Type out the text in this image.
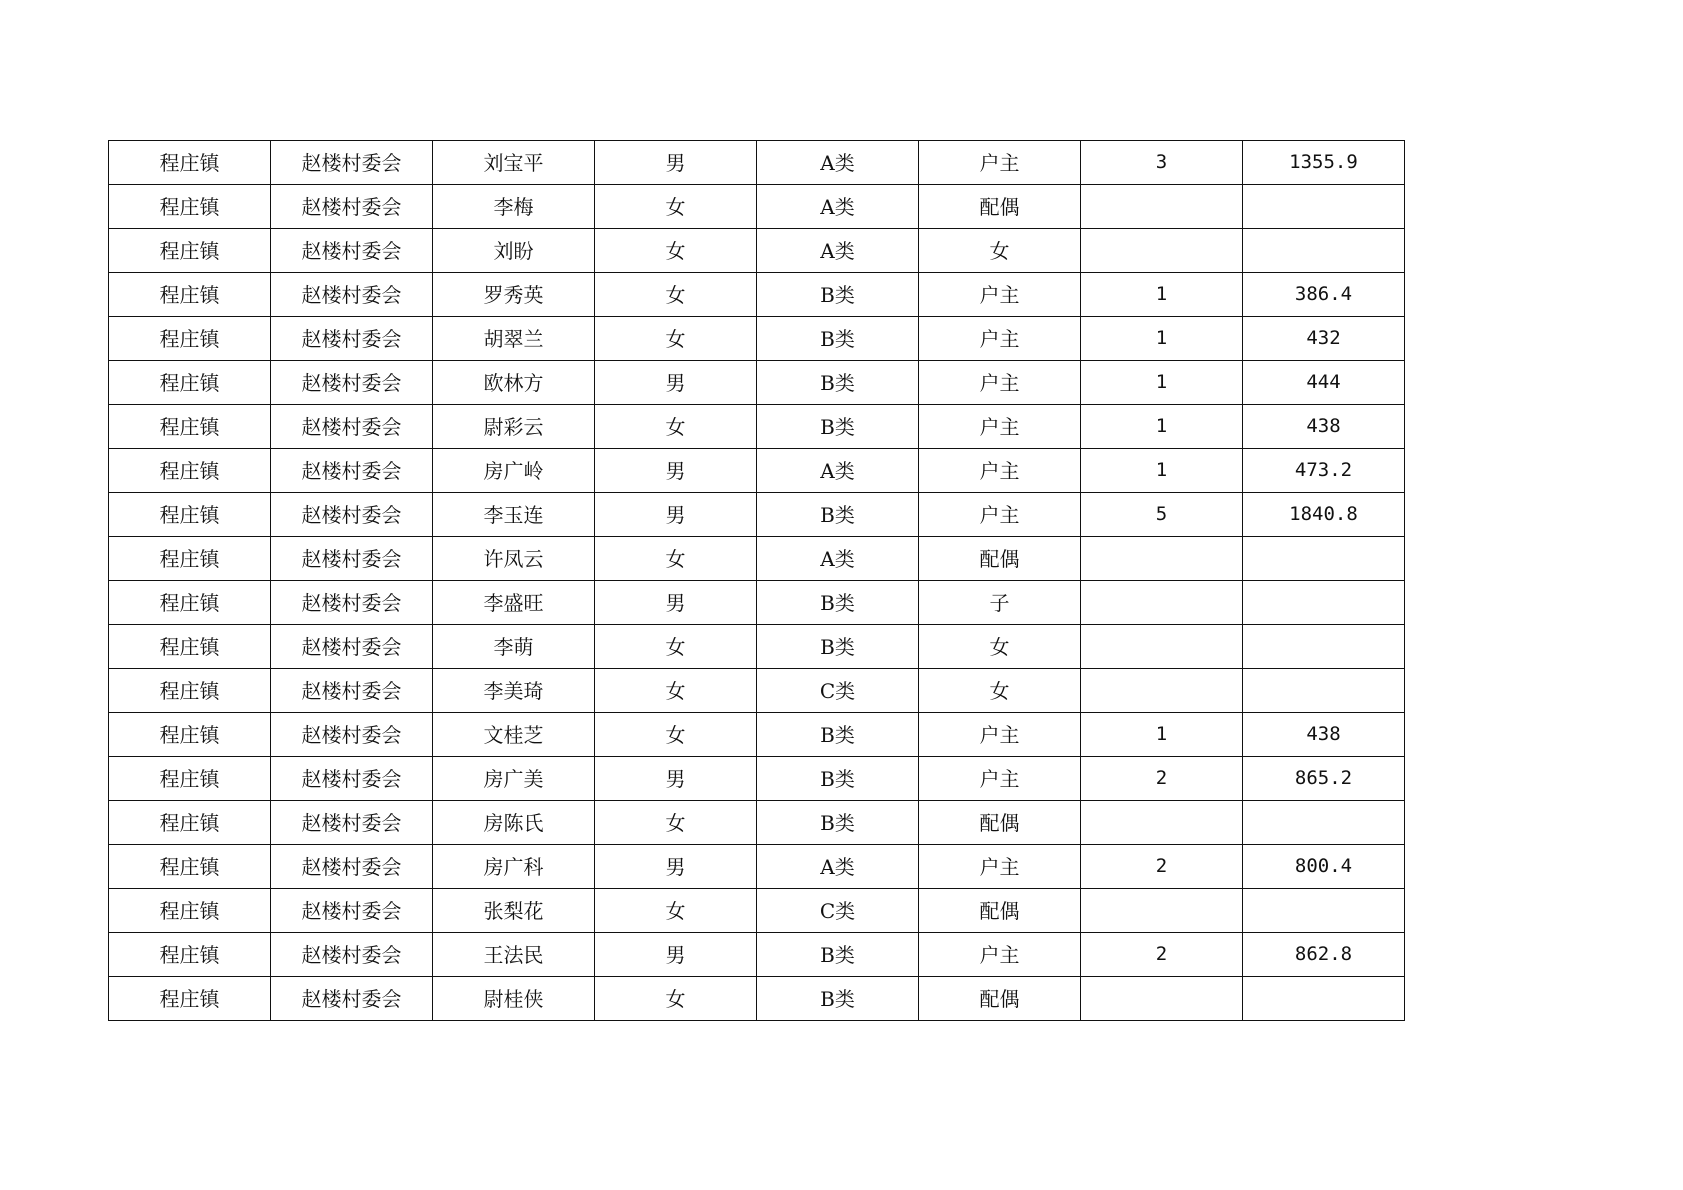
程庄镇	赵楼村委会	刘宝平	男	A类	户主	3	1355.9
程庄镇	赵楼村委会	李梅	女	A类	配偶		
程庄镇	赵楼村委会	刘盼	女	A类	女		
程庄镇	赵楼村委会	罗秀英	女	B类	户主	1	386.4
程庄镇	赵楼村委会	胡翠兰	女	B类	户主	1	432
程庄镇	赵楼村委会	欧林方	男	B类	户主	1	444
程庄镇	赵楼村委会	尉彩云	女	B类	户主	1	438
程庄镇	赵楼村委会	房广岭	男	A类	户主	1	473.2
程庄镇	赵楼村委会	李玉连	男	B类	户主	5	1840.8
程庄镇	赵楼村委会	许凤云	女	A类	配偶		
程庄镇	赵楼村委会	李盛旺	男	B类	子		
程庄镇	赵楼村委会	李萌	女	B类	女		
程庄镇	赵楼村委会	李美琦	女	C类	女		
程庄镇	赵楼村委会	文桂芝	女	B类	户主	1	438
程庄镇	赵楼村委会	房广美	男	B类	户主	2	865.2
程庄镇	赵楼村委会	房陈氏	女	B类	配偶		
程庄镇	赵楼村委会	房广科	男	A类	户主	2	800.4
程庄镇	赵楼村委会	张梨花	女	C类	配偶		
程庄镇	赵楼村委会	王法民	男	B类	户主	2	862.8
程庄镇	赵楼村委会	尉桂侠	女	B类	配偶		
